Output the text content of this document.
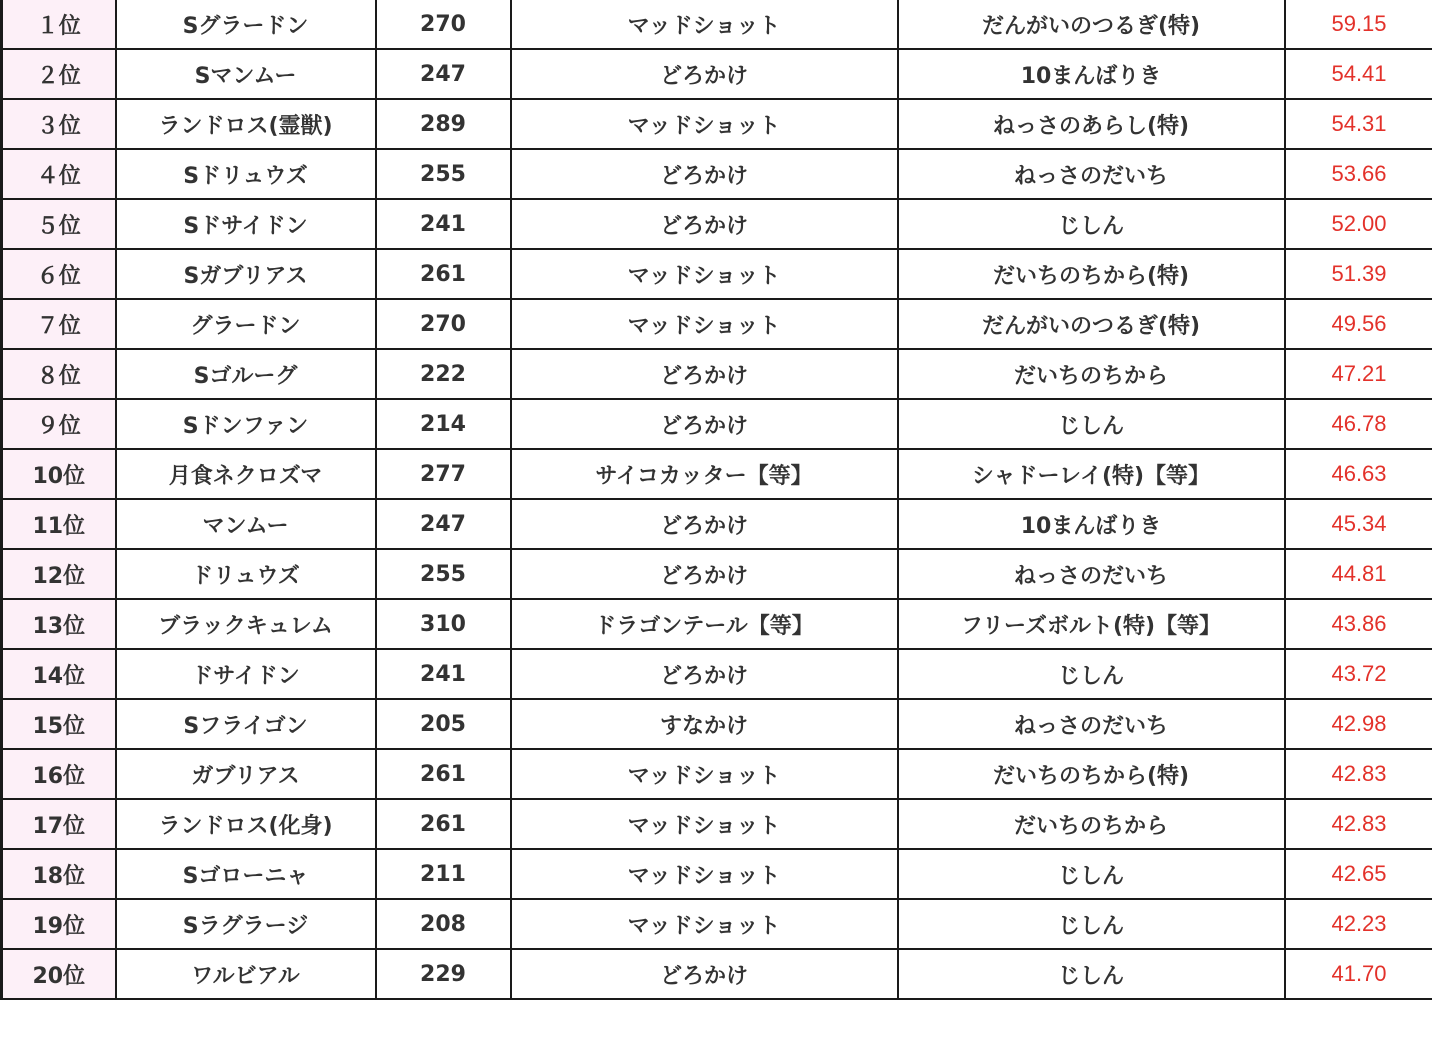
１位	Sグラードン	270	マッドショット	だんがいのつるぎ(特)	59.15
２位	Sマンムー	247	どろかけ	10まんばりき	54.41
３位	ランドロス(霊獣)	289	マッドショット	ねっさのあらし(特)	54.31
４位	Sドリュウズ	255	どろかけ	ねっさのだいち	53.66
５位	Sドサイドン	241	どろかけ	じしん	52.00
６位	Sガブリアス	261	マッドショット	だいちのちから(特)	51.39
７位	グラードン	270	マッドショット	だんがいのつるぎ(特)	49.56
８位	Sゴルーグ	222	どろかけ	だいちのちから	47.21
９位	Sドンファン	214	どろかけ	じしん	46.78
10位	月食ネクロズマ	277	サイコカッター【等】	シャドーレイ(特)【等】	46.63
11位	マンムー	247	どろかけ	10まんばりき	45.34
12位	ドリュウズ	255	どろかけ	ねっさのだいち	44.81
13位	ブラックキュレム	310	ドラゴンテール【等】	フリーズボルト(特)【等】	43.86
14位	ドサイドン	241	どろかけ	じしん	43.72
15位	Sフライゴン	205	すなかけ	ねっさのだいち	42.98
16位	ガブリアス	261	マッドショット	だいちのちから(特)	42.83
17位	ランドロス(化身)	261	マッドショット	だいちのちから	42.83
18位	Sゴローニャ	211	マッドショット	じしん	42.65
19位	Sラグラージ	208	マッドショット	じしん	42.23
20位	ワルビアル	229	どろかけ	じしん	41.70
